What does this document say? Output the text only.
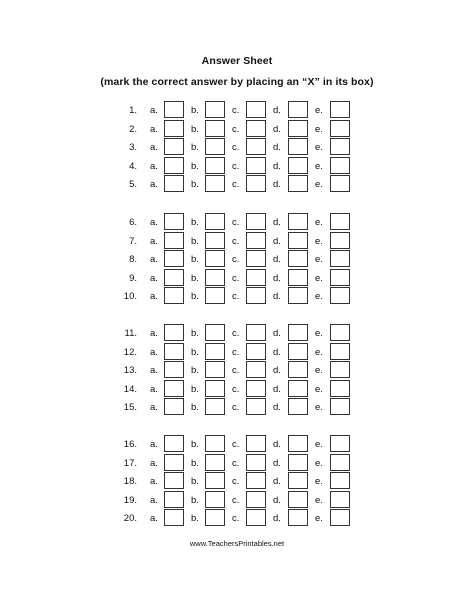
Answer Sheet
(mark the correct answer by placing an “X” in its box)
1. a.	b.	c.	d.	e.
2. a.	b.	c.	d.	e.
3. a.	b.	c.	d.	e.
4. a.	b.	c.	d.	e.
5. a.	b.	c.	d.	e.
6. a.	b.	c.	d.	e.
7. a.	b.	c.	d.	e.
8. a.	b.	c.	d.	e.
9. a.	b.	c.	d.	e.
10. a.	b.	c.	d.	e.
11. a.	b.	c.	d.	e.
12. a.	b.	c.	d.	e.
13. a.	b.	c.	d.	e.
14. a.	b.	c.	d.	e.
15. a.	b.	c.	d.	e.
16. a.	b.	c.	d.	e.
17. a.	b.	c.	d.	e.
18. a.	b.	c.	d.	e.
19. a.	b.	c.	d.	e.
20. a.	b.	c.	d.	e.
www.TeachersPrintables.net
